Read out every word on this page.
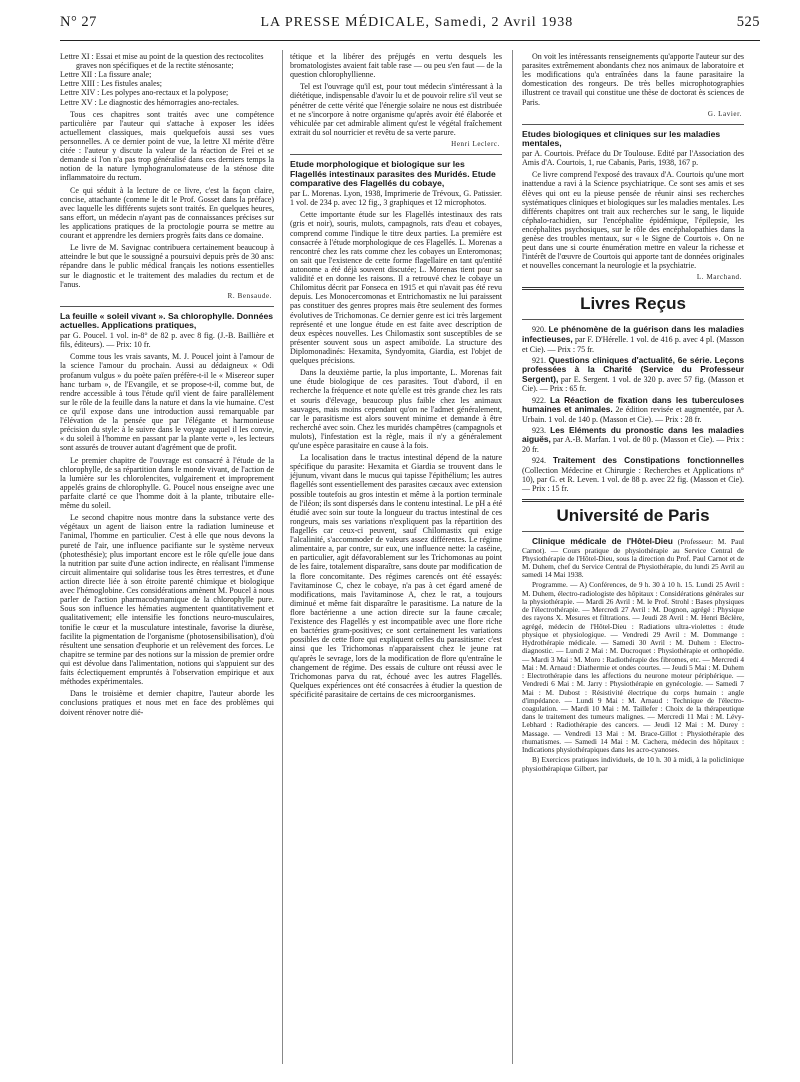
N° 27	LA PRESSE MÉDICALE, Samedi, 2 Avril 1938	525

Lettre XI : Essai et mise au point de la question des rectocolites graves non spécifiques et de la rectite sténosante;

Lettre XII : La fissure anale;

Lettre XIII : Les fistules anales;

Lettre XIV : Les polypes ano-rectaux et la polypose;

Lettre XV : Le diagnostic des hémorragies ano-rectales.

Tous ces chapitres sont traités avec une compétence particulière par l'auteur qui s'attache à exposer les idées actuellement classiques, mais quelquefois aussi ses vues personnelles. A ce dernier point de vue, la lettre XI mérite d'être citée : l'auteur y discute la valeur de la réaction de Frei et se demande si l'on n'a pas trop généralisé dans ces derniers temps la notion de la nature lymphogranulomateuse de la sténose dite inflammatoire du rectum.

Ce qui séduit à la lecture de ce livre, c'est la façon claire, concise, attachante (comme le dit le Prof. Gosset dans la préface) avec laquelle les différents sujets sont traités. En quelques heures, sans effort, un médecin n'ayant pas de connaissances précises sur les applications pratiques de la proctologie pourra se mettre au courant et apprendre les derniers progrès faits dans ce domaine.

Le livre de M. Savignac contribuera certainement beaucoup à atteindre le but que le soussigné a poursuivi depuis près de 30 ans: répandre dans le public médical français les notions essentielles sur le diagnostic et le traitement des maladies du rectum et de l'anus.

R. Bensaude.

La feuille « soleil vivant ». Sa chlorophylle. Données actuelles. Applications pratiques,

par G. Poucel. 1 vol. in-8° de 82 p. avec 8 fig. (J.-B. Baillière et fils, éditeurs). — Prix: 10 fr.

Comme tous les vrais savants, M. J. Poucel joint à l'amour de la science l'amour du prochain. Aussi au dédaigneux « Odi profanum vulgus » du poète païen préfère-t-il le « Misereor super hanc turbam », de l'Evangile, et se propose-t-il, comme but, de rendre accessible à tous l'étude qu'il vient de faire parallèlement sur le rôle de la feuille dans la nature et dans la vie humaine. C'est ce qu'il expose dans une introduction aussi remarquable par l'élévation de la pensée que par l'élégante et harmonieuse précision du style: à le suivre dans le voyage auquel il les convie, « du soleil à l'homme en passant par la plante verte », les lecteurs sont assurés de trouver autant d'agrément que de profit.

Le premier chapitre de l'ouvrage est consacré à l'étude de la chlorophylle, de sa répartition dans le monde vivant, de l'action de la lumière sur les chlorolencites, vulgairement et improprement appelés grains de chlorophylle. G. Poucel nous enseigne avec une parfaite clarté ce que l'homme doit à la plante, tributaire elle-même du soleil.

Le second chapitre nous montre dans la substance verte des végétaux un agent de liaison entre la radiation lumineuse et l'animal, l'homme en particulier. C'est à elle que nous devons la pureté de l'air, une influence pacifiante sur le système nerveux (photesthésie); plus important encore est le rôle qu'elle joue dans la nutrition par suite d'une action indirecte, en réalisant l'immense circuit alimentaire qui solidarise tous les êtres terrestres, et d'une action directe liée à son étroite parenté chimique et biologique avec l'hémoglobine. Ces considérations amènent M. Poucel à nous parler de l'action pharmacodynamique de la chlorophylle pure. Sous son influence les hématies augmentent quantitativement et qualitativement; elle intensifie les fonctions neuro-musculaires, tonifie le cœur et la musculature intestinale, favorise la diurèse, facilite la pigmentation de l'organisme (photosensibilisation), d'où résultent une sensation d'euphorie et un relèvement des forces. Le chapitre se termine par des notions sur la mission de premier ordre qui est dévolue dans l'alimentation, notions qui s'appuient sur des faits éclectiquement empruntés à l'observation empirique et aux méthodes expérimentales.

Dans le troisième et dernier chapitre, l'auteur aborde les conclusions pratiques et nous met en face des problèmes qui doivent rénover notre dié-

tétique et la libérer des préjugés en vertu desquels les bromatologistes avaient fait table rase — ou peu s'en faut — de la question chlorophyllienne.

Tel est l'ouvrage qu'il est, pour tout médecin s'intéressant à la diététique, indispensable d'avoir lu et de pouvoir relire s'il veut se pénétrer de cette vérité que l'énergie solaire ne nous est distribuée et ne s'incorpore à notre organisme qu'après avoir été élaborée et véhiculée par cet admirable aliment qu'est le végétal fraîchement extrait du sol nourricier et revêtu de sa verte parure.

Henri Leclerc.

Etude morphologique et biologique sur les Flagellés intestinaux parasites des Muridés. Etude comparative des Flagellés du cobaye,

par L. Morenas. Lyon, 1938, Imprimerie de Trévoux, G. Patissier. 1 vol. de 234 p. avec 12 fig., 3 graphiques et 12 microphotos.

Cette importante étude sur les Flagellés intestinaux des rats (gris et noir), souris, mulots, campagnols, rats d'eau et cobayes, comprend comme l'indique le titre deux parties. La première est consacrée à l'étude morphologique de ces Flagellés. L. Morenas a rencontré chez les rats comme chez les cobayes un Enteromonas; on sait que l'existence de cette forme flagellaire en tant qu'entité autonome a été déjà souvent discutée; L. Morenas tient pour sa validité et en donne les raisons. Il a retrouvé chez le cobaye un Chilomitus décrit par Fonseca en 1915 et qui n'avait pas été revu depuis. Les Monocercomonas et Entrichomastix ne lui paraissent pas constituer des genres propres mais être seulement des formes évolutives de Trichomonas. Ce dernier genre est ici très largement représenté et une longue étude en est faite avec description de deux espèces nouvelles. Les Chilomastix sont susceptibles de se présenter souvent sous un aspect amiboïde. La structure des Diplomonadinés: Hexamita, Syndyomita, Giardia, est l'objet de quelques précisions.

Dans la deuxième partie, la plus importante, L. Morenas fait une étude biologique de ces parasites. Tout d'abord, il en recherche la fréquence et note qu'elle est très grande chez les rats et souris d'élevage, beaucoup plus faible chez les animaux sauvages, mais moins cependant qu'on ne l'admet généralement, car le parasitisme est alors souvent minime et demande à être recherché avec soin. Chez les muridés champêtres (campagnols et mulots), l'infestation est la règle, mais il n'y a généralement qu'une espèce parasitaire en cause à la fois.

La localisation dans le tractus intestinal dépend de la nature spécifique du parasite: Hexamita et Giardia se trouvent dans le jéjunum, vivant dans le mucus qui tapisse l'épithélium; les autres flagellés sont essentiellement des parasites cæcaux avec extension possible toutefois au gros intestin et même à la portion terminale de l'iléon; ils sont dispersés dans le contenu intestinal. Le pH a été étudié avec soin sur toute la longueur du tractus intestinal de ces rongeurs, mais ses variations n'expliquent pas la répartition des flagellés car ceux-ci peuvent, sauf Chilomastix qui exige l'alcalinité, s'accommoder de valeurs assez différentes. Le régime alimentaire a, par contre, sur eux, une influence nette: la caséine, en particulier, agit défavorablement sur les Trichomonas au point de les faire, totalement disparaître, sans doute par modification de la flore concomitante. Des régimes carencés ont été essayés: l'avitaminose C, chez le cobaye, n'a pas à cet égard amené de modifications, mais l'avitaminose A, chez le rat, a toujours diminué et même fait disparaître le parasitisme. La nature de la flore bactérienne a une action directe sur la faune cæcale; l'existence des Flagellés y est incompatible avec une flore riche en bactéries gram-positives; ce sont certainement les variations possibles de cette flore qui expliquent celles du parasitisme: c'est ainsi que les Trichomonas n'apparaissent chez le jeune rat qu'après le sevrage, lors de la modification de flore qu'entraîne le changement de régime. Des essais de culture ont réussi avec le Trichomonas parva du rat, échoué avec les autres Flagellés. Quelques expériences ont été consacrées à étudier la question de spécificité parasitaire de certains de ces microorganismes.

On voit les intéressants renseignements qu'apporte l'auteur sur des parasites extrêmement abondants chez nos animaux de laboratoire et les modifications qu'a entraînées dans la faune parasitaire la domestication des rongeurs. De très belles microphotographies illustrent ce travail qui constitue une thèse de doctorat ès sciences de Paris.

G. Lavier.

Etudes biologiques et cliniques sur les maladies mentales,

par A. Courtois. Préface du Dr Toulouse. Edité par l'Association des Amis d'A. Courtois, 1, rue Cabanis, Paris, 1938, 167 p.

Ce livre comprend l'exposé des travaux d'A. Courtois qu'une mort inattendue a ravi à la Science psychiatrique. Ce sont ses amis et ses élèves qui ont eu la pieuse pensée de réunir ainsi ses recherches systématiques cliniques et biologiques sur les maladies mentales. Les différents chapitres ont trait aux recherches sur le sang, le liquide céphalo-rachidien, sur l'encéphalite épidémique, l'épilepsie, les encéphalites psychosiques, sur le rôle des encéphalopathies dans la genèse des troubles mentaux, sur « le Signe de Courtois ». On ne peut dans une si courte énumération mettre en valeur la richesse et l'intérêt de l'œuvre de Courtois qui apporte tant de données originales et nouvelles concernant la neurologie et la psychiatrie.

L. Marchand.

Livres Reçus

920. Le phénomène de la guérison dans les maladies infectieuses, par F. D'Hérelle. 1 vol. de 416 p. avec 4 pl. (Masson et Cie). — Prix : 75 fr.

921. Questions cliniques d'actualité, 6e série. Leçons professées à la Charité (Service du Professeur Sergent), par E. Sergent. 1 vol. de 320 p. avec 57 fig. (Masson et Cie). — Prix : 65 fr.

922. La Réaction de fixation dans les tuberculoses humaines et animales. 2e édition revisée et augmentée, par A. Urbain. 1 vol. de 140 p. (Masson et Cie). — Prix : 28 fr.

923. Les Eléments du pronostic dans les maladies aiguës, par A.-B. Marfan. 1 vol. de 80 p. (Masson et Cie). — Prix : 20 fr.

924. Traitement des Constipations fonctionnelles (Collection Médecine et Chirurgie : Recherches et Applications n° 10), par G. et R. Leven. 1 vol. de 88 p. avec 22 fig. (Masson et Cie). — Prix : 15 fr.

Université de Paris

Clinique médicale de l'Hôtel-Dieu (Professeur: M. Paul Carnot). — Cours pratique de physiothérapie au Service Central de Physiothérapie de l'Hôtel-Dieu, sous la direction du Prof. Paul Carnot et de M. Duhem, chef du Service Central de Physiothérapie, du lundi 25 Avril au samedi 14 Mai 1938.

Programme. — A) Conférences, de 9 h. 30 à 10 h. 15. Lundi 25 Avril : M. Duhem, électro-radiologiste des hôpitaux : Considérations générales sur la physiothérapie. — Mardi 26 Avril : M. le Prof. Strohl : Bases physiques de l'électrothérapie. — Mercredi 27 Avril : M. Dognon, agrégé : Physique des rayons X. Mesures et filtrations. — Jeudi 28 Avril : M. Henri Béclère, agrégé, médecin de l'Hôtel-Dieu : Radiations ultra-violettes : étude physique et physiologique. — Vendredi 29 Avril : M. Dommange : Hydrothérapie médicale. — Samedi 30 Avril : M. Duhem : Electro-diagnostic. — Lundi 2 Mai : M. Ducroquet : Physiothérapie et orthopédie. — Mardi 3 Mai : M. Moro : Radiothérapie des fibromes, etc. — Mercredi 4 Mai : M. Arnaud : Diathermie et ondes courtes. — Jeudi 5 Mai : M. Duhem : Electrothérapie dans les affections du neurone moteur périphérique. — Vendredi 6 Mai : M. Jarry : Physiothérapie en gynécologie. — Samedi 7 Mai : M. Dubost : Résistivité électrique du corps humain : angle d'impédance. — Lundi 9 Mai : M. Arnaud : Technique de l'électro-coagulation. — Mardi 10 Mai : M. Taillefer : Choix de la thérapeutique dans le traitement des tumeurs malignes. — Mercredi 11 Mai : M. Lévy-Lebhard : Radiothérapie des cancers. — Jeudi 12 Mai : M. Durey : Massage. — Vendredi 13 Mai : M. Brace-Gillot : Physiothérapie des rhumatismes. — Samedi 14 Mai : M. Cachera, médecin des hôpitaux : Indications physiothérapiques dans les acro-cyanoses.

B) Exercices pratiques individuels, de 10 h. 30 à midi, à la policlinique physiothérapique Gilbert, par
